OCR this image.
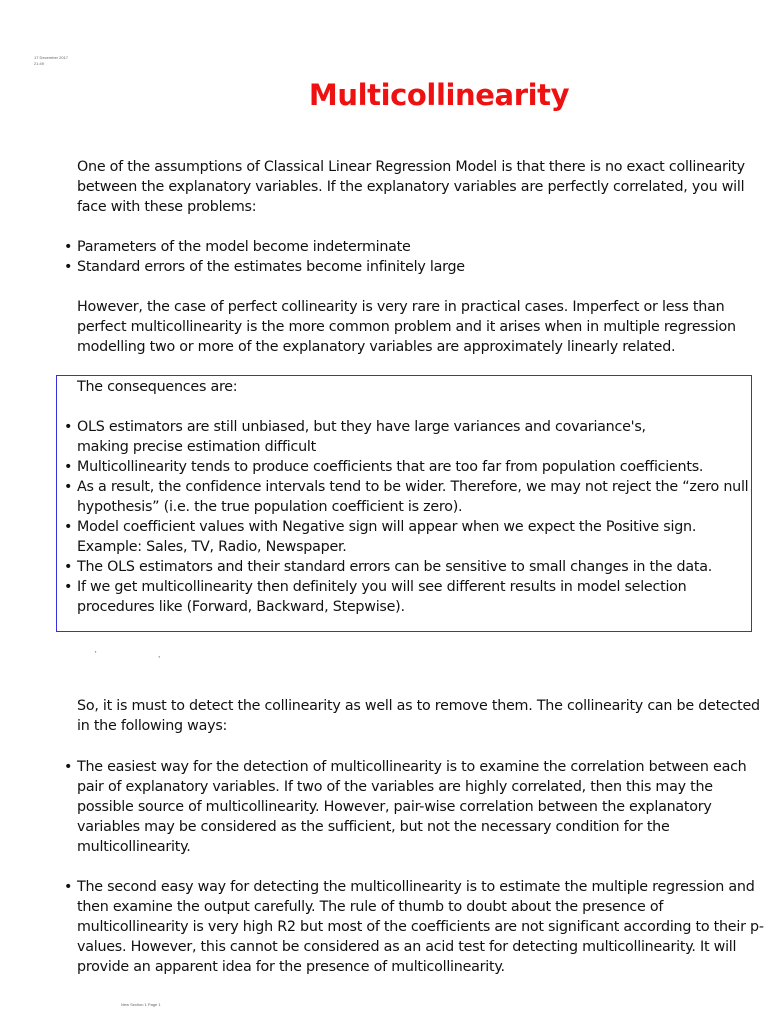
17 December 2017
21:49
Multicollinearity
One of the assumptions of Classical Linear Regression Model is that there is no exact collinearity between the explanatory variables. If the explanatory variables are perfectly correlated, you will face with these problems:
• Parameters of the model become indeterminate
• Standard errors of the estimates become infinitely large
However, the case of perfect collinearity is very rare in practical cases. Imperfect or less than perfect multicollinearity is the more common problem and it arises when in multiple regression modelling two or more of the explanatory variables are approximately linearly related.
The consequences are:
• OLS estimators are still unbiased, but they have large variances and covariance's,
making precise estimation difficult
• Multicollinearity tends to produce coefficients that are too far from population coefficients.
• As a result, the confidence intervals tend to be wider. Therefore, we may not reject the “zero null hypothesis” (i.e. the true population coefficient is zero).
• Model coefficient values with Negative sign will appear when we expect the Positive sign. Example: Sales, TV, Radio, Newspaper.
• The OLS estimators and their standard errors can be sensitive to small changes in the data.
• If we get multicollinearity then definitely you will see different results in model selection procedures like (Forward, Backward, Stepwise).
'	,
So, it is must to detect the collinearity as well as to remove them. The collinearity can be detected in the following ways:
• The easiest way for the detection of multicollinearity is to examine the correlation between each pair of explanatory variables. If two of the variables are highly correlated, then this may the possible source of multicollinearity. However, pair-wise correlation between the explanatory variables may be considered as the sufficient, but not the necessary condition for the multicollinearity.
• The second easy way for detecting the multicollinearity is to estimate the multiple regression and then examine the output carefully. The rule of thumb to doubt about the presence of multicollinearity is very high R2 but most of the coefficients are not significant according to their p-values. However, this cannot be considered as an acid test for detecting multicollinearity. It will provide an apparent idea for the presence of multicollinearity.
New Section 1 Page 1
